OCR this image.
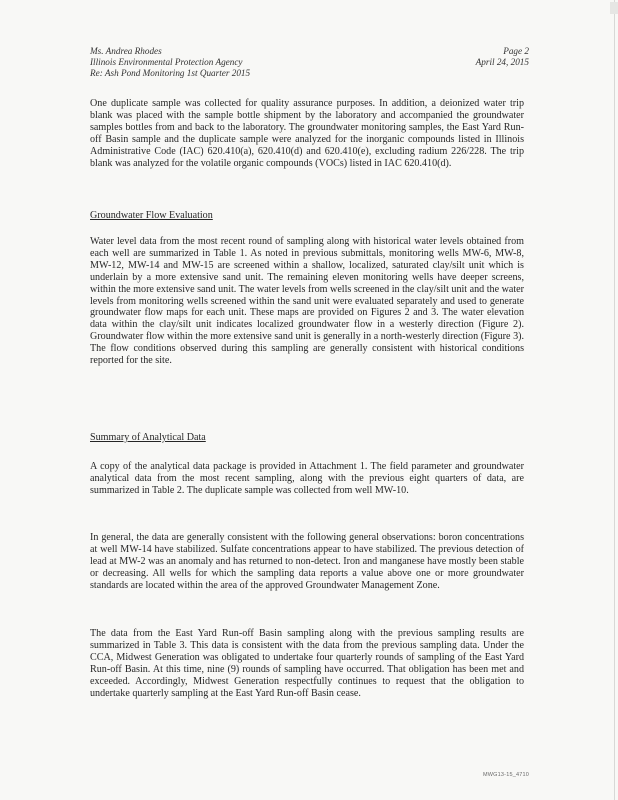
Ms. Andrea Rhodes
Illinois Environmental Protection Agency
Re: Ash Pond Monitoring 1st Quarter 2015
Page 2
April 24, 2015
One duplicate sample was collected for quality assurance purposes. In addition, a deionized water trip blank was placed with the sample bottle shipment by the laboratory and accompanied the groundwater samples bottles from and back to the laboratory. The groundwater monitoring samples, the East Yard Run-off Basin sample and the duplicate sample were analyzed for the inorganic compounds listed in Illinois Administrative Code (IAC) 620.410(a), 620.410(d) and 620.410(e), excluding radium 226/228. The trip blank was analyzed for the volatile organic compounds (VOCs) listed in IAC 620.410(d).
Groundwater Flow Evaluation
Water level data from the most recent round of sampling along with historical water levels obtained from each well are summarized in Table 1. As noted in previous submittals, monitoring wells MW-6, MW-8, MW-12, MW-14 and MW-15 are screened within a shallow, localized, saturated clay/silt unit which is underlain by a more extensive sand unit. The remaining eleven monitoring wells have deeper screens, within the more extensive sand unit. The water levels from wells screened in the clay/silt unit and the water levels from monitoring wells screened within the sand unit were evaluated separately and used to generate groundwater flow maps for each unit. These maps are provided on Figures 2 and 3. The water elevation data within the clay/silt unit indicates localized groundwater flow in a westerly direction (Figure 2). Groundwater flow within the more extensive sand unit is generally in a north-westerly direction (Figure 3). The flow conditions observed during this sampling are generally consistent with historical conditions reported for the site.
Summary of Analytical Data
A copy of the analytical data package is provided in Attachment 1. The field parameter and groundwater analytical data from the most recent sampling, along with the previous eight quarters of data, are summarized in Table 2. The duplicate sample was collected from well MW-10.
In general, the data are generally consistent with the following general observations: boron concentrations at well MW-14 have stabilized. Sulfate concentrations appear to have stabilized. The previous detection of lead at MW-2 was an anomaly and has returned to non-detect. Iron and manganese have mostly been stable or decreasing. All wells for which the sampling data reports a value above one or more groundwater standards are located within the area of the approved Groundwater Management Zone.
The data from the East Yard Run-off Basin sampling along with the previous sampling results are summarized in Table 3. This data is consistent with the data from the previous sampling data. Under the CCA, Midwest Generation was obligated to undertake four quarterly rounds of sampling of the East Yard Run-off Basin. At this time, nine (9) rounds of sampling have occurred. That obligation has been met and exceeded. Accordingly, Midwest Generation respectfully continues to request that the obligation to undertake quarterly sampling at the East Yard Run-off Basin cease.
MWG13-15_4710
